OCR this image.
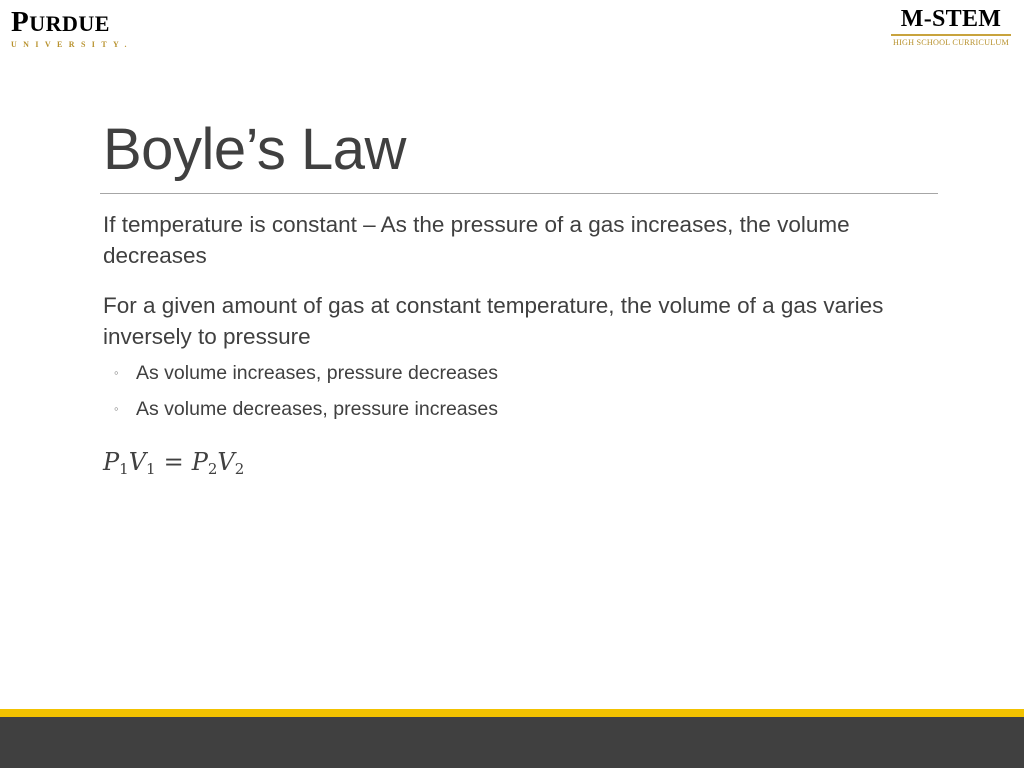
PURDUE
UNIVERSITY.
M-STEM
HIGH SCHOOL CURRICULUM
Boyle’s Law

If temperature is constant – As the pressure of a gas increases, the volume decreases

For a given amount of gas at constant temperature, the volume of a gas varies inversely to pressure

◦ As volume increases, pressure decreases
◦ As volume decreases, pressure increases
$P_1V_1 = P_2V_2$
